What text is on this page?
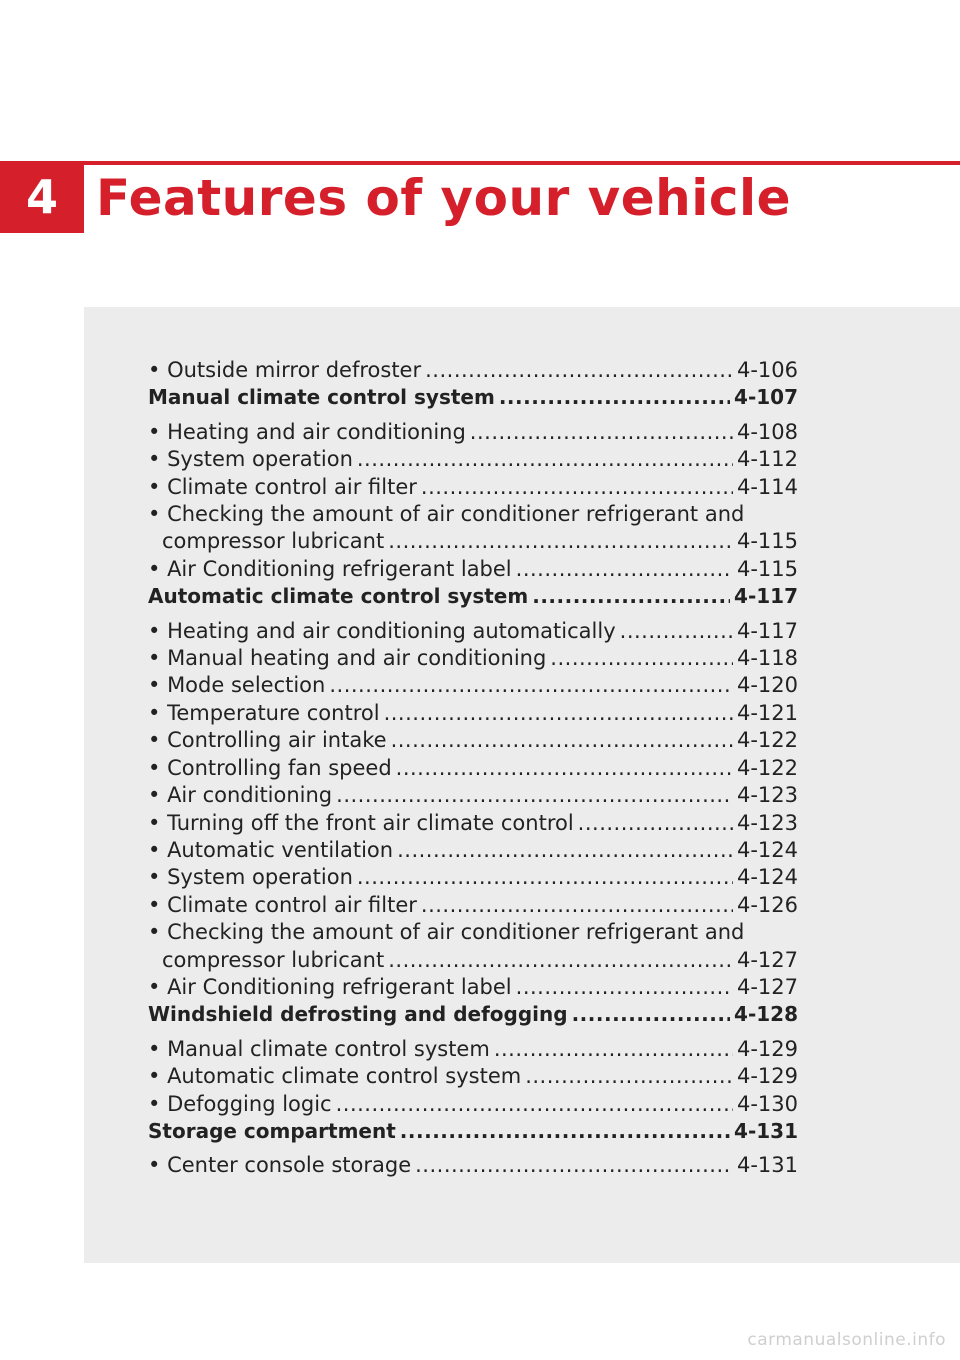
4 Features of your vehicle
• Outside mirror defroster .....	4-106
Manual climate control system .....	4-107
• Heating and air conditioning .....	4-108
• System operation .....	4-112
• Climate control air filter .....	4-114
• Checking the amount of air conditioner refrigerant and
compressor lubricant .....	4-115
• Air Conditioning refrigerant label .....	4-115
Automatic climate control system .....	4-117
• Heating and air conditioning automatically .....	4-117
• Manual heating and air conditioning .....	4-118
• Mode selection .....	4-120
• Temperature control .....	4-121
• Controlling air intake .....	4-122
• Controlling fan speed .....	4-122
• Air conditioning .....	4-123
• Turning off the front air climate control .....	4-123
• Automatic ventilation .....	4-124
• System operation .....	4-124
• Climate control air filter .....	4-126
• Checking the amount of air conditioner refrigerant and
compressor lubricant .....	4-127
• Air Conditioning refrigerant label .....	4-127
Windshield defrosting and defogging .....	4-128
• Manual climate control system .....	4-129
• Automatic climate control system .....	4-129
• Defogging logic .....	4-130
Storage compartment .....	4-131
• Center console storage .....	4-131
carmanualsonline.info
